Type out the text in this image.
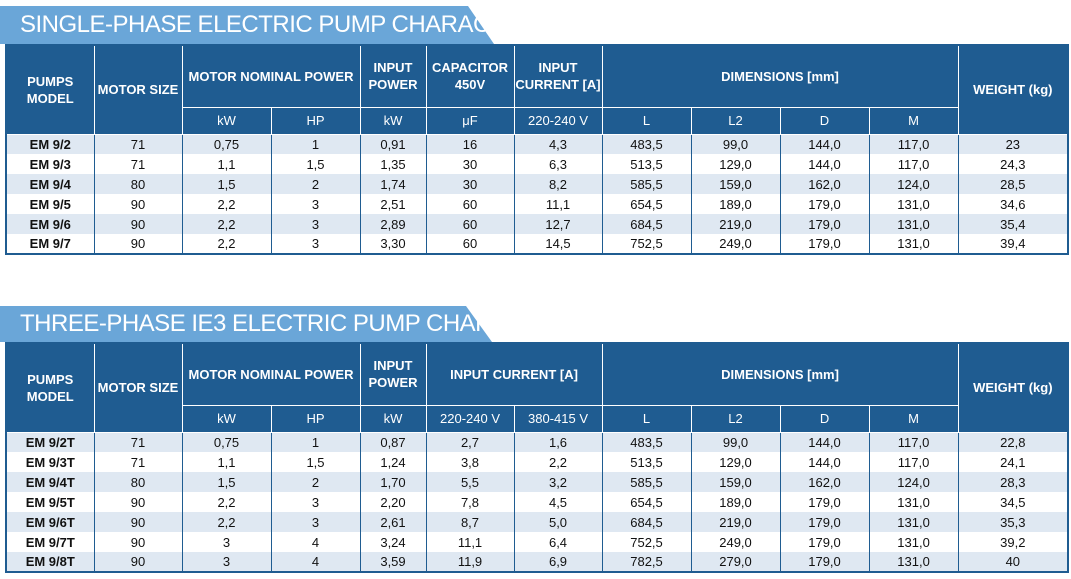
SINGLE-PHASE ELECTRIC PUMP CHARACTERISTICS
PUMPS MODEL	MOTOR SIZE	MOTOR NOMINAL POWER		INPUT POWER	CAPACITOR 450V	INPUT CURRENT [A]	DIMENSIONS [mm]				WEIGHT (kg)
		kW	HP	kW	μF	220-240 V	L	L2	D	M	
EM 9/2	71	0,75	1	0,91	16	4,3	483,5	99,0	144,0	117,0	23
EM 9/3	71	1,1	1,5	1,35	30	6,3	513,5	129,0	144,0	117,0	24,3
EM 9/4	80	1,5	2	1,74	30	8,2	585,5	159,0	162,0	124,0	28,5
EM 9/5	90	2,2	3	2,51	60	11,1	654,5	189,0	179,0	131,0	34,6
EM 9/6	90	2,2	3	2,89	60	12,7	684,5	219,0	179,0	131,0	35,4
EM 9/7	90	2,2	3	3,30	60	14,5	752,5	249,0	179,0	131,0	39,4
THREE-PHASE IE3 ELECTRIC PUMP CHARACTERISTICS
PUMPS MODEL	MOTOR SIZE	MOTOR NOMINAL POWER		INPUT POWER	INPUT CURRENT [A]		DIMENSIONS [mm]				WEIGHT (kg)
		kW	HP	kW	220-240 V	380-415 V	L	L2	D	M	
EM 9/2T	71	0,75	1	0,87	2,7	1,6	483,5	99,0	144,0	117,0	22,8
EM 9/3T	71	1,1	1,5	1,24	3,8	2,2	513,5	129,0	144,0	117,0	24,1
EM 9/4T	80	1,5	2	1,70	5,5	3,2	585,5	159,0	162,0	124,0	28,3
EM 9/5T	90	2,2	3	2,20	7,8	4,5	654,5	189,0	179,0	131,0	34,5
EM 9/6T	90	2,2	3	2,61	8,7	5,0	684,5	219,0	179,0	131,0	35,3
EM 9/7T	90	3	4	3,24	11,1	6,4	752,5	249,0	179,0	131,0	39,2
EM 9/8T	90	3	4	3,59	11,9	6,9	782,5	279,0	179,0	131,0	40
